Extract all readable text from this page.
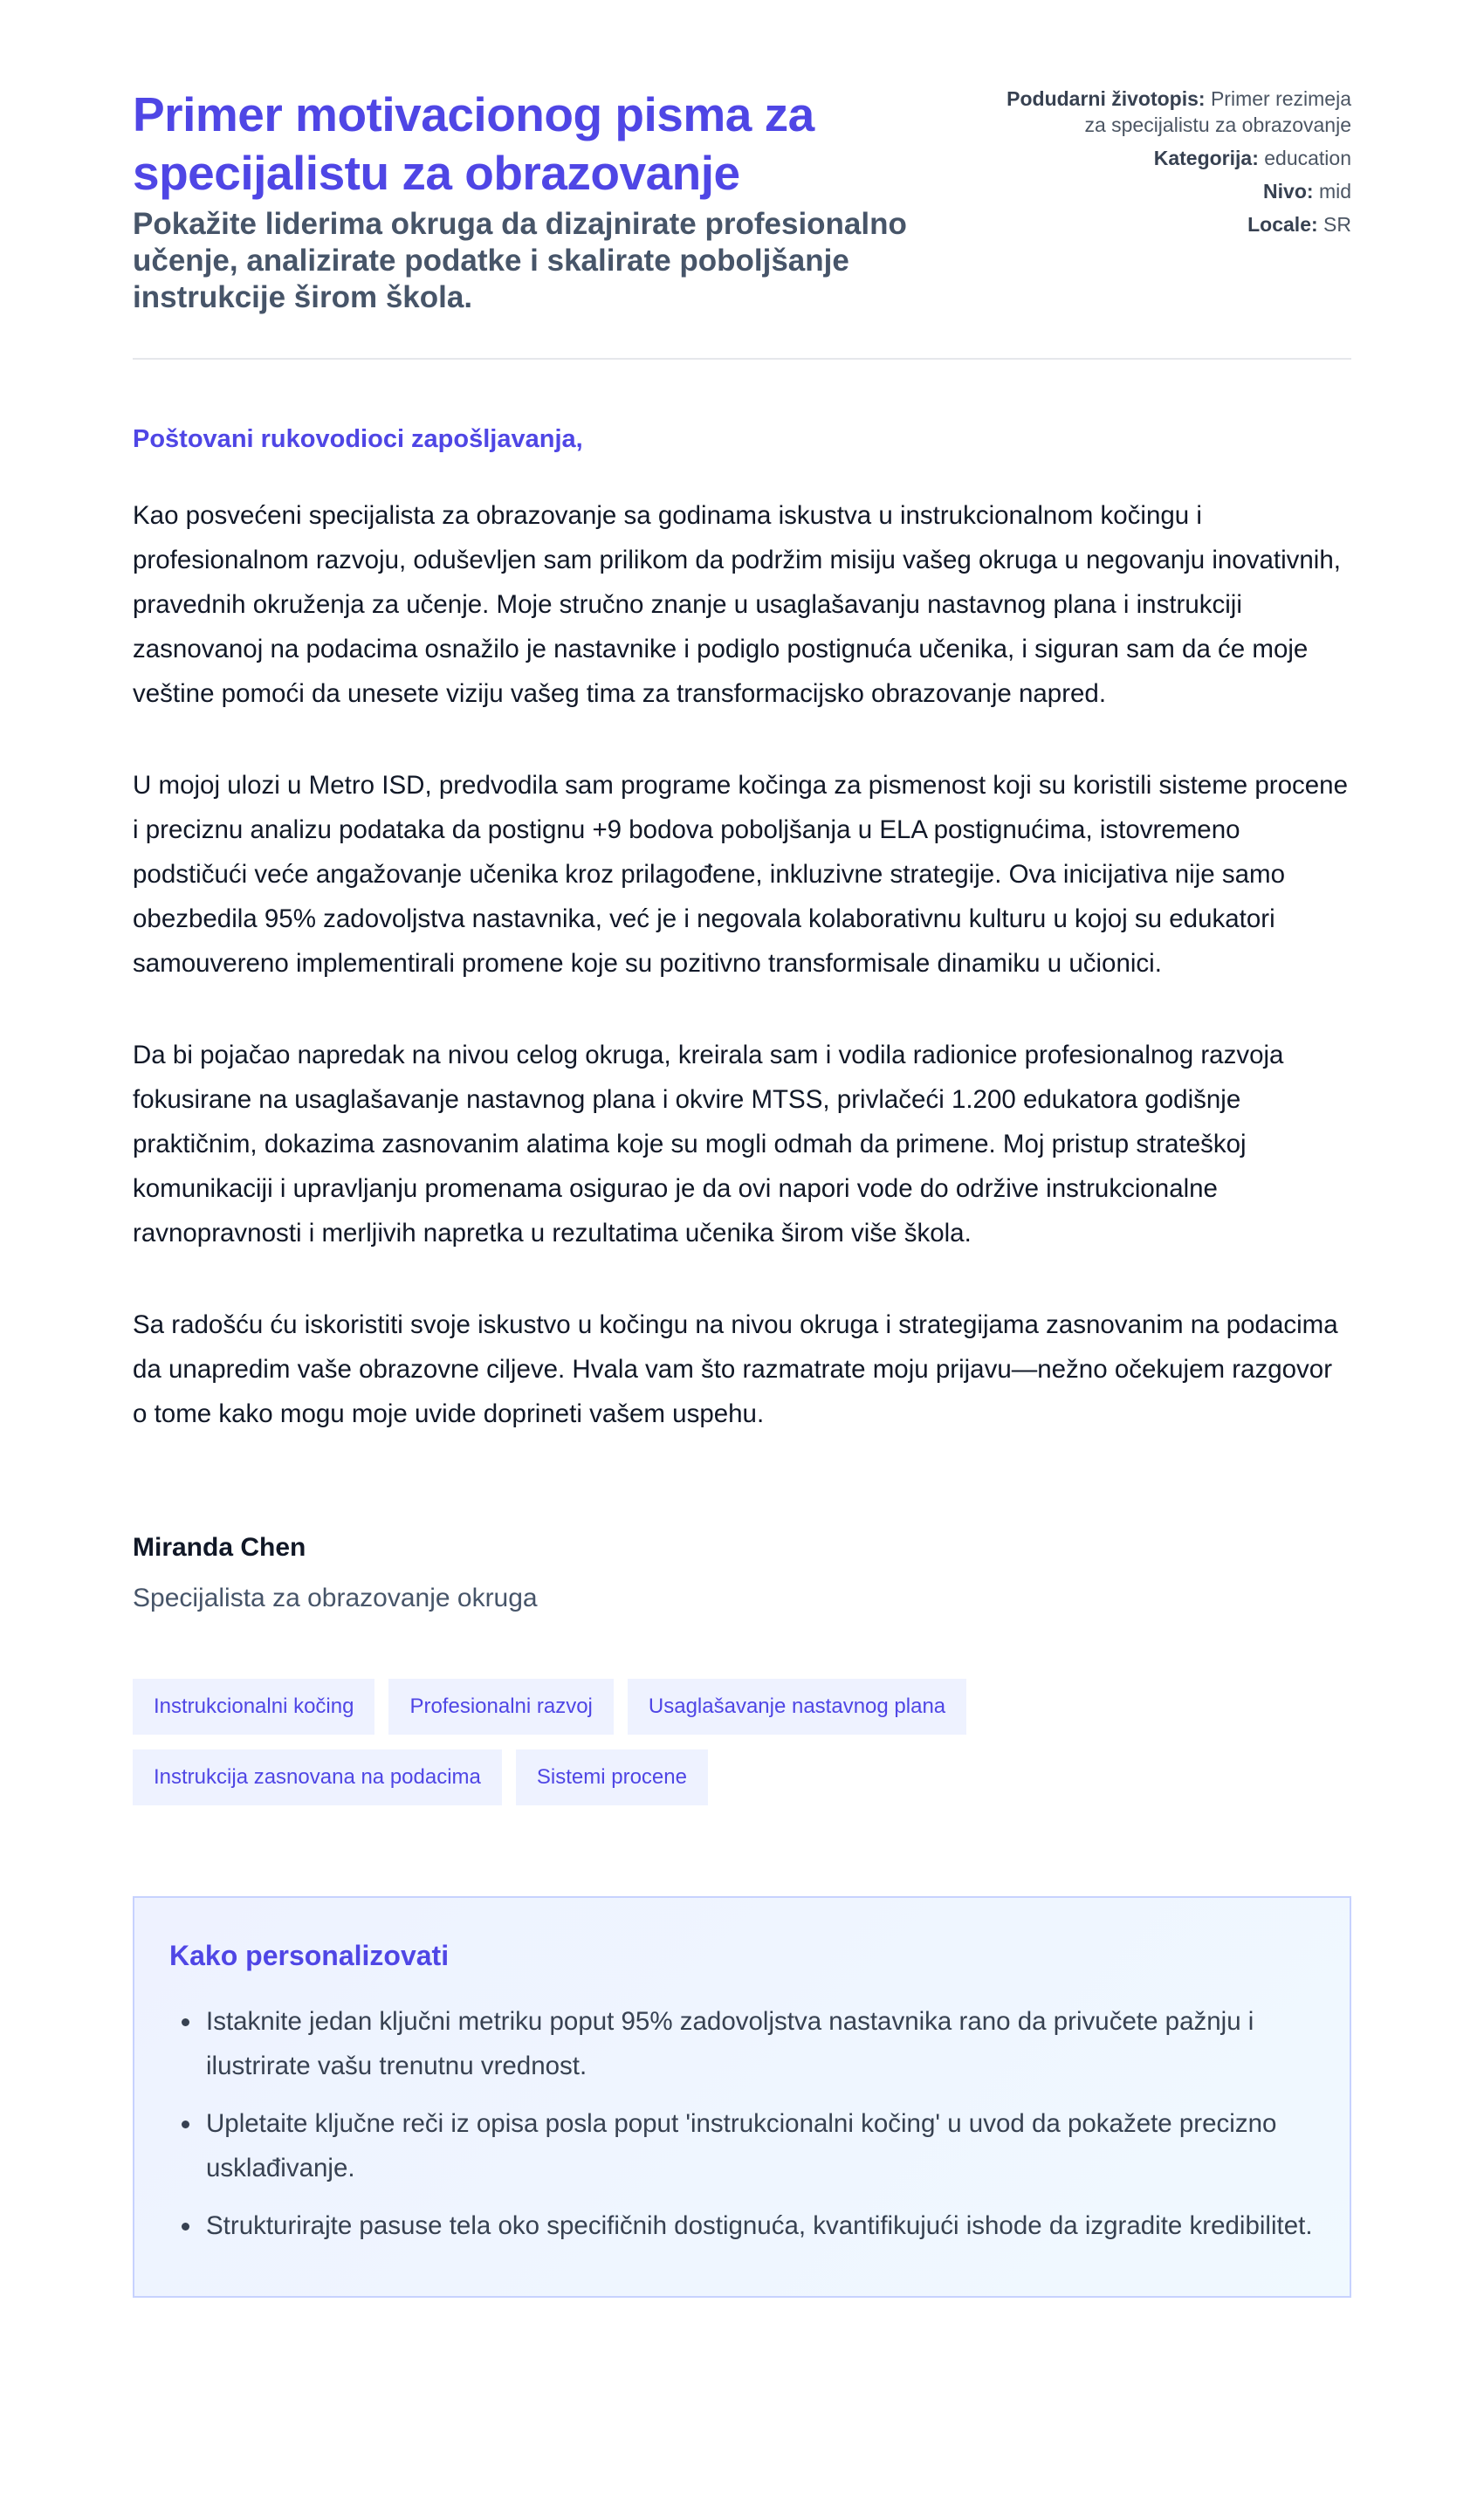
Primer motivacionog pisma za specijalistu za obrazovanje
Pokažite liderima okruga da dizajnirate profesionalno učenje, analizirate podatke i skalirate poboljšanje instrukcije širom škola.
Podudarni životopis: Primer rezimeja za specijalistu za obrazovanje
Kategorija: education
Nivo: mid
Locale: SR
Poštovani rukovodioci zapošljavanja,

Kao posvećeni specijalista za obrazovanje sa godinama iskustva u instrukcionalnom kočingu i profesionalnom razvoju, oduševljen sam prilikom da podržim misiju vašeg okruga u negovanju inovativnih, pravednih okruženja za učenje. Moje stručno znanje u usaglašavanju nastavnog plana i instrukciji zasnovanoj na podacima osnažilo je nastavnike i podiglo postignuća učenika, i siguran sam da će moje veštine pomoći da unesete viziju vašeg tima za transformacijsko obrazovanje napred.

U mojoj ulozi u Metro ISD, predvodila sam programe kočinga za pismenost koji su koristili sisteme procene i preciznu analizu podataka da postignu +9 bodova poboljšanja u ELA postignućima, istovremeno podstičući veće angažovanje učenika kroz prilagođene, inkluzivne strategije. Ova inicijativa nije samo obezbedila 95% zadovoljstva nastavnika, već je i negovala kolaborativnu kulturu u kojoj su edukatori samouvereno implementirali promene koje su pozitivno transformisale dinamiku u učionici.

Da bi pojačao napredak na nivou celog okruga, kreirala sam i vodila radionice profesionalnog razvoja fokusirane na usaglašavanje nastavnog plana i okvire MTSS, privlačeći 1.200 edukatora godišnje praktičnim, dokazima zasnovanim alatima koje su mogli odmah da primene. Moj pristup strateškoj komunikaciji i upravljanju promenama osigurao je da ovi napori vode do održive instrukcionalne ravnopravnosti i merljivih napretka u rezultatima učenika širom više škola.

Sa radošću ću iskoristiti svoje iskustvo u kočingu na nivou okruga i strategijama zasnovanim na podacima da unapredim vaše obrazovne ciljeve. Hvala vam što razmatrate moju prijavu—nežno očekujem razgovor o tome kako mogu moje uvide doprineti vašem uspehu.

Miranda Chen
Specijalista za obrazovanje okruga
Instrukcionalni kočing	Profesionalni razvoj	Usaglašavanje nastavnog plana
Instrukcija zasnovana na podacima	Sistemi procene
Kako personalizovati
• Istaknite jedan ključni metriku poput 95% zadovoljstva nastavnika rano da privučete pažnju i ilustrirate vašu trenutnu vrednost.
• Upletaite ključne reči iz opisa posla poput 'instrukcionalni kočing' u uvod da pokažete precizno usklađivanje.
• Strukturirajte pasuse tela oko specifičnih dostignuća, kvantifikujući ishode da izgradite kredibilitet.
